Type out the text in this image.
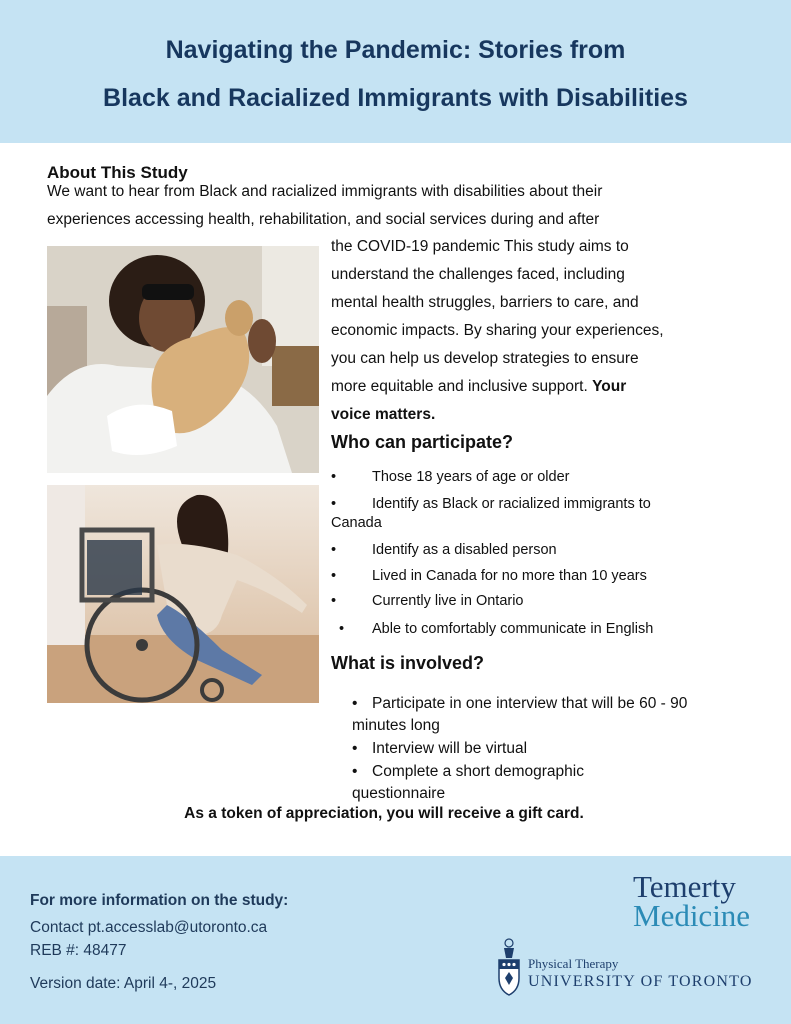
Navigating the Pandemic: Stories from
Black and Racialized Immigrants with Disabilities
About This Study
We want to hear from Black and racialized immigrants with disabilities about their
experiences accessing health, rehabilitation, and social services during and after
the COVID-19 pandemic This study aims to
understand the challenges faced, including
mental health struggles, barriers to care, and
economic impacts. By sharing your experiences,
you can help us develop strategies to ensure
more equitable and inclusive support. Your
voice matters.
Who can participate?
• Those 18 years of age or older
• Identify as Black or racialized immigrants to
Canada
• Identify as a disabled person
• Lived in Canada for no more than 10 years
• Currently live in Ontario
• Able to comfortably communicate in English
What is involved?
• Participate in one interview that will be 60 - 90
minutes long
• Interview will be virtual
• Complete a short demographic
questionnaire
As a token of appreciation, you will receive a gift card.
For more information on the study:
Contact pt.accesslab@utoronto.ca
REB #: 48477
Version date: April 4-, 2025
Temerty
Medicine
Physical Therapy
UNIVERSITY OF TORONTO
